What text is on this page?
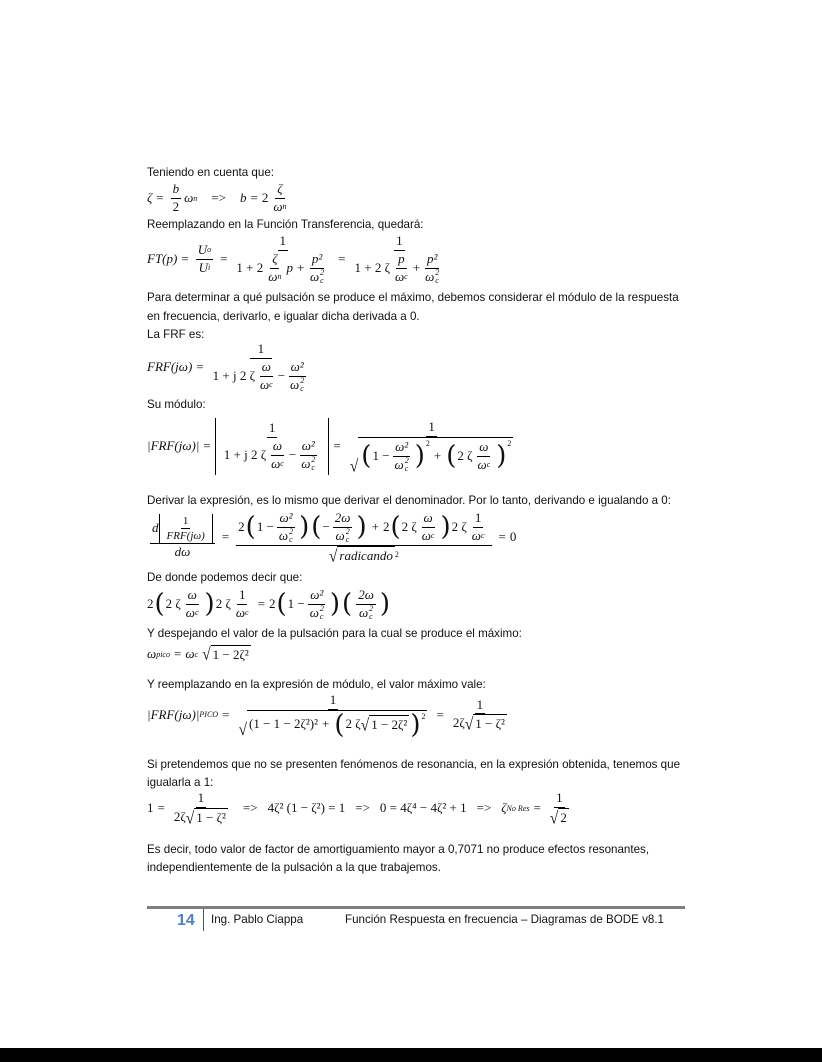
Teniendo en cuenta que:
$\zeta = \frac{b}{2}$ ω $n => b = 2 \frac{\zeta}{\text{ω n}}$
Reemplazando en la Función Transferencia, quedará:
$FT(p) = \frac{\text{U o}}{\text{U i}} = 1$
$1 + 2 \frac{\zeta}{\text{ω n}}$ p + p²
ω 2
c = 1
1 + 2 ζ $\frac{p}{\text{ω c}} + p^2$
ω 2
c
Para determinar a qué pulsación se produce el máximo, debemos considerar el módulo de la respuesta
en frecuencia, derivarlo, e igualar dicha derivada a 0.
La FRF es:
FRF(jω) = 1
1 + j 2 ζ $\frac{\omega}{\text{ω c}} - \omega^2$
ω 2
c
Su módulo:
|FRF(jω)| = 1
1 + j 2 ζ $\frac{\omega}{\text{ω c}} - \omega^2$
ω 2
c =
1
√ ( 1 − ω²
ω 2
c )$^2$
+ ( 2 ζ $\frac{\omega}{\text{ω c}} )^2$
Derivar la expresión, es lo mismo que derivar el denominador. Por lo tanto, derivando e igualando a 0:
$\frac{d \frac{1}{\text{FRF(jω)}}}{d\omega}$ =
2 ( 1 − ω²
ω 2
c ) ( − 2ω
ω 2
c ) + 2 ( 2 ζ $\frac{\omega}{\text{ω c}}$ ) 2 ζ $\frac{1}{\text{ω c}}$
√ radicando 2
= 0
De donde podemos decir que:
2 ( 2 ζ $\frac{\omega}{\text{ω c}}$ ) 2 ζ $\frac{1}{\text{ω c}} = 2$ ( 1 − ω²
ω 2
c ) ( 2ω
ω 2
c )
Y despejando el valor de la pulsación para la cual se produce el máximo:
ω pico = ω c √ 1 − 2ζ²
Y reemplazando en la expresión de módulo, el valor máximo vale:
|FRF(jω)| PICO =
1
√ (1 − 1 − 2ζ²)² + ( 2 ζ √ 1 − 2ζ² )$^2 = \frac{1}{\text{2ζ √ 1 − ζ²}}$
Si pretendemos que no se presenten fenómenos de resonancia, en la expresión obtenida, tenemos que
igualarla a 1:
$1 = \frac{1}{\text{2ζ √ 1 − ζ²}} => 4\zeta^2$ (1 − ζ²) = 1 => 0 = 4ζ⁴ − 4ζ² + 1 => ζ No Res = $\frac{1}{√ 2}$
Es decir, todo valor de factor de amortiguamiento mayor a 0,7071 no produce efectos resonantes,
independientemente de la pulsación a la que trabajemos.
14 Ing. Pablo Ciappa	Función Respuesta en frecuencia – Diagramas de BODE v8.1
